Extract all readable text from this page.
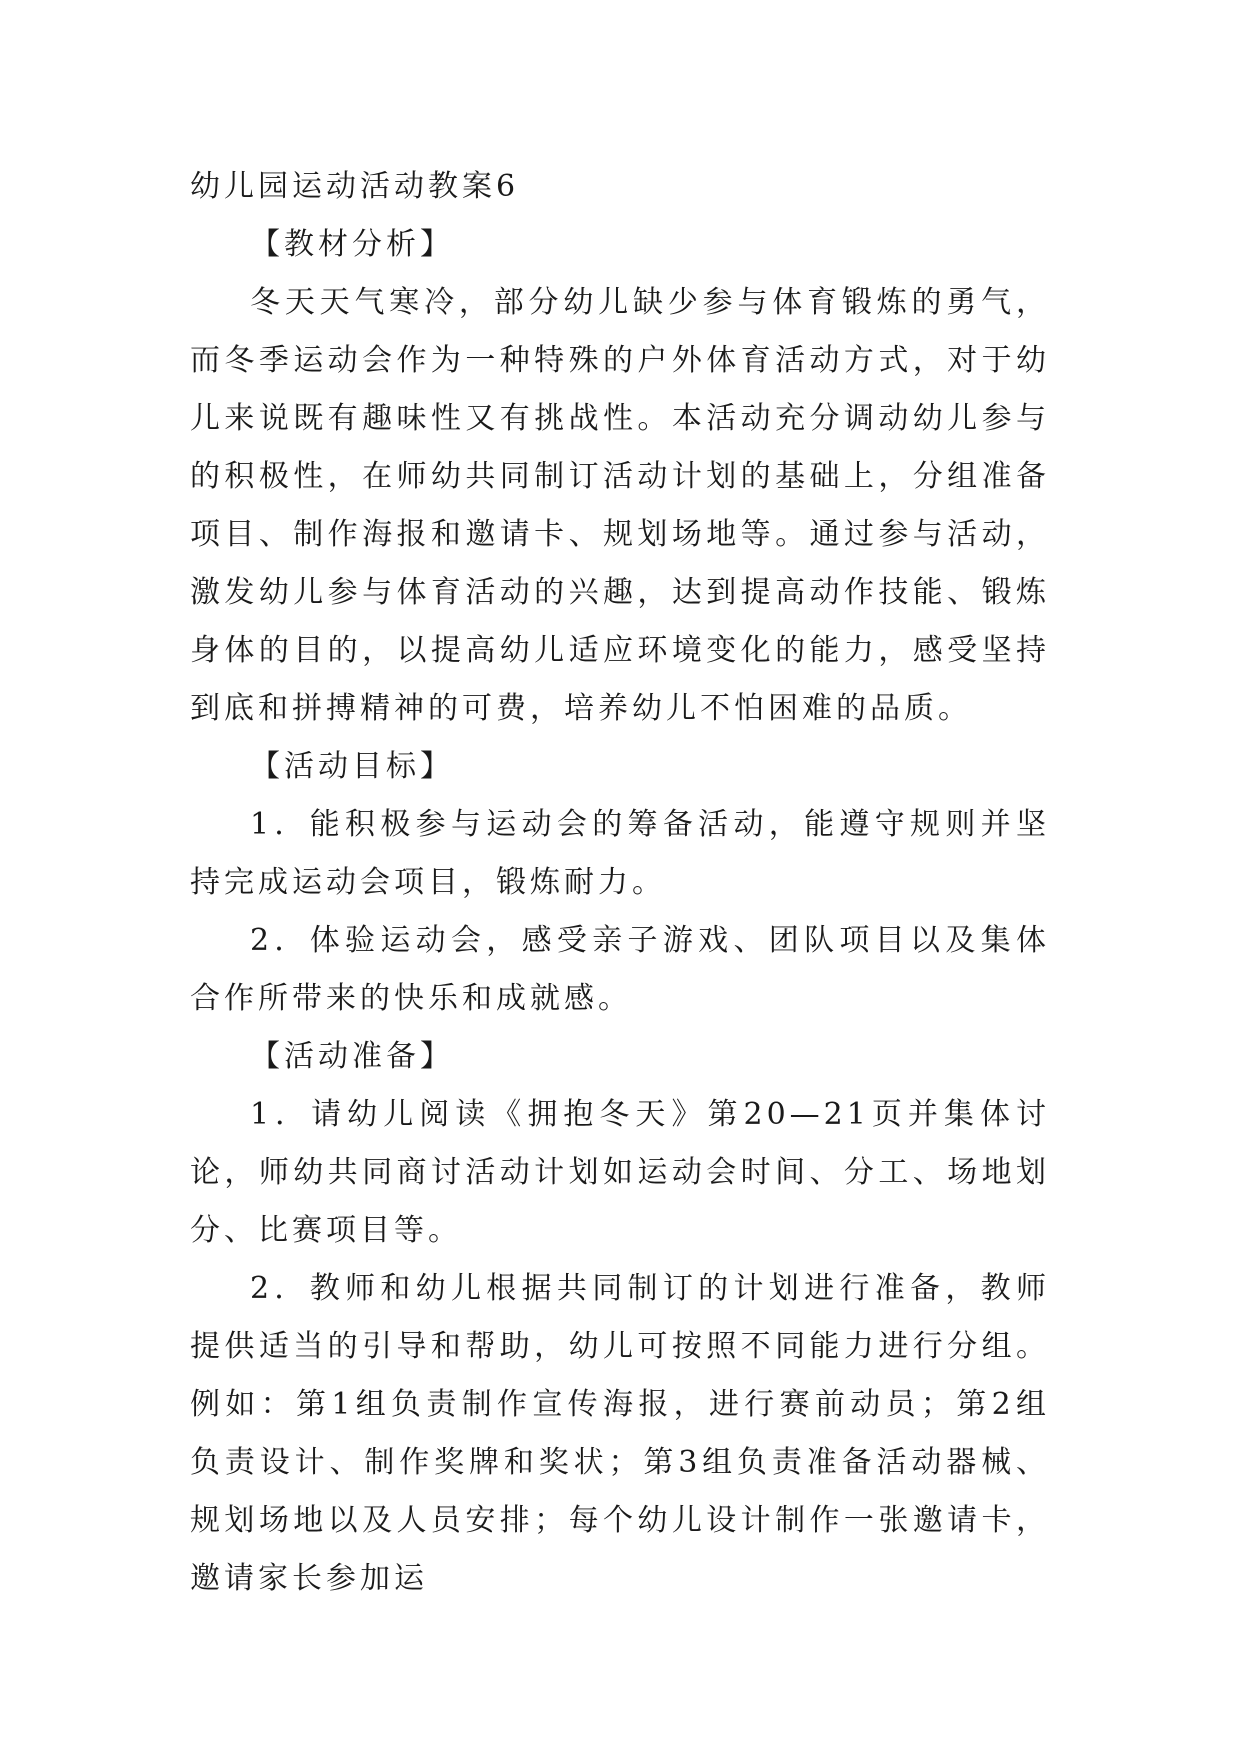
幼儿园运动活动教案6

【教材分析】

冬天天气寒冷，部分幼儿缺少参与体育锻炼的勇气，而冬季运动会作为一种特殊的户外体育活动方式，对于幼儿来说既有趣味性又有挑战性。本活动充分调动幼儿参与的积极性，在师幼共同制订活动计划的基础上，分组准备项目、制作海报和邀请卡、规划场地等。通过参与活动，激发幼儿参与体育活动的兴趣，达到提高动作技能、锻炼身体的目的，以提高幼儿适应环境变化的能力，感受坚持到底和拼搏精神的可费，培养幼儿不怕困难的品质。

【活动目标】

1．能积极参与运动会的筹备活动，能遵守规则并坚持完成运动会项目，锻炼耐力。

2．体验运动会，感受亲子游戏、团队项目以及集体合作所带来的快乐和成就感。

【活动准备】

1．请幼儿阅读《拥抱冬天》第20—21页并集体讨论，师幼共同商讨活动计划如运动会时间、分工、场地划分、比赛项目等。

2．教师和幼儿根据共同制订的计划进行准备，教师提供适当的引导和帮助，幼儿可按照不同能力进行分组。例如：第1组负责制作宣传海报，进行赛前动员；第2组负责设计、制作奖牌和奖状；第3组负责准备活动器械、规划场地以及人员安排；每个幼儿设计制作一张邀请卡，邀请家长参加运
